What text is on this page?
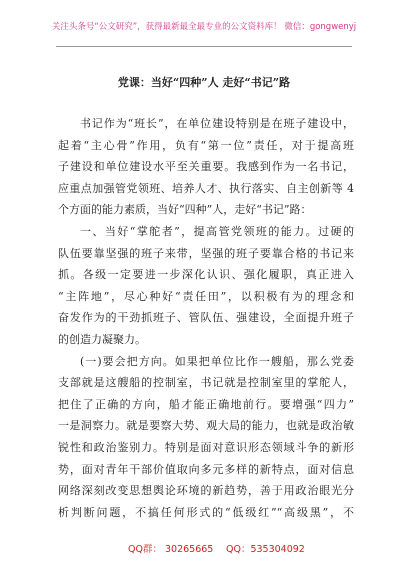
关注头条号“公文研究”，获得最新最全最专业的公文资料库！ 微信：gongwenyj
党课：当好“四种”人 走好“书记”路
书记作为“班长”，在单位建设特别是在班子建设中，
起着“主心骨”作用，负有“第一位”责任，对于提高班
子建设和单位建设水平至关重要。我感到作为一名书记，
应重点加强管党领班、培养人才、执行落实、自主创新等 4
个方面的能力素质，当好“四种”人，走好“书记”路：
一、当好“掌舵者”，提高管党领班的能力。过硬的
队伍要靠坚强的班子来带，坚强的班子要靠合格的书记来
抓。各级一定要进一步深化认识、强化履职，真正进入
“主阵地”，尽心种好“责任田”，以积极有为的理念和
奋发作为的干劲抓班子、管队伍、强建设，全面提升班子
的创造力凝聚力。
(一)要会把方向。如果把单位比作一艘船，那么党委
支部就是这艘船的控制室，书记就是控制室里的掌舵人，
把住了正确的方向，船才能正确地前行。要增强“四力”
一是洞察力。就是要察大势、观大局的能力，也就是政治敏
锐性和政治鉴别力。特别是面对意识形态领域斗争的新形
势，面对青年干部价值取向多元多样的新特点，面对信息
网络深刻改变思想舆论环境的新趋势，善于用政治眼光分
析判断问题，不搞任何形式的“低级红”“高级黑”，不
QQ群： 30265665 QQ：535304092
